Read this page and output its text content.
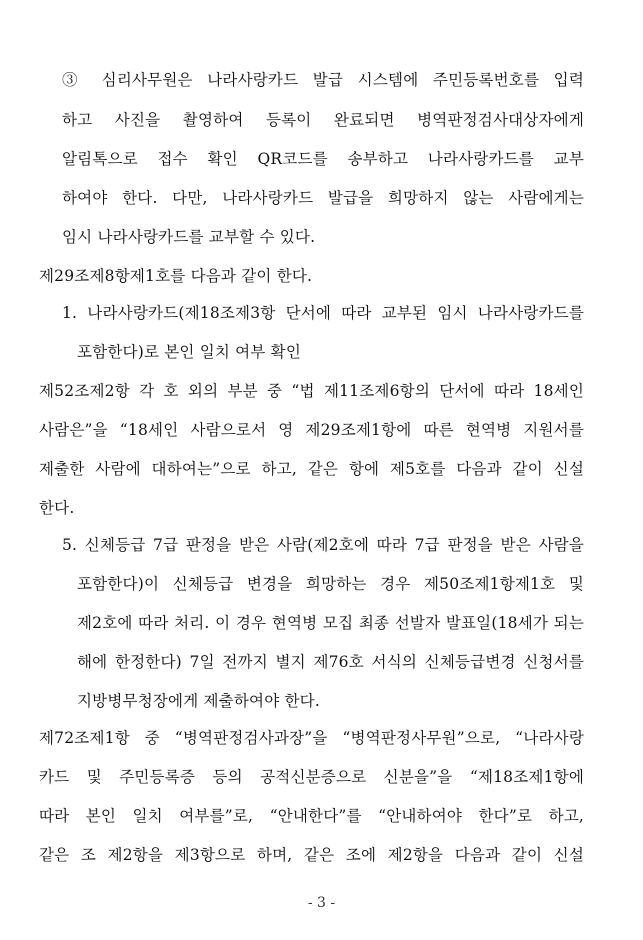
③ 심리사무원은 나라사랑카드 발급 시스템에 주민등록번호를 입력
하고 사진을 촬영하여 등록이 완료되면 병역판정검사대상자에게
알림톡으로 접수 확인 QR코드를 송부하고 나라사랑카드를 교부
하여야 한다. 다만, 나라사랑카드 발급을 희망하지 않는 사람에게는
임시 나라사랑카드를 교부할 수 있다.
제29조제8항제1호를 다음과 같이 한다.
1. 나라사랑카드(제18조제3항 단서에 따라 교부된 임시 나라사랑카드를
포함한다)로 본인 일치 여부 확인
제52조제2항 각 호 외의 부분 중 “법 제11조제6항의 단서에 따라 18세인
사람은”을 “18세인 사람으로서 영 제29조제1항에 따른 현역병 지원서를
제출한 사람에 대하여는”으로 하고, 같은 항에 제5호를 다음과 같이 신설
한다.
5. 신체등급 7급 판정을 받은 사람(제2호에 따라 7급 판정을 받은 사람을
포함한다)이 신체등급 변경을 희망하는 경우 제50조제1항제1호 및
제2호에 따라 처리. 이 경우 현역병 모집 최종 선발자 발표일(18세가 되는
해에 한정한다) 7일 전까지 별지 제76호 서식의 신체등급변경 신청서를
지방병무청장에게 제출하여야 한다.
제72조제1항 중 “병역판정검사과장”을 “병역판정사무원”으로, “나라사랑
카드 및 주민등록증 등의 공적신분증으로 신분을”을 “제18조제1항에
따라 본인 일치 여부를”로, “안내한다”를 “안내하여야 한다”로 하고,
같은 조 제2항을 제3항으로 하며, 같은 조에 제2항을 다음과 같이 신설
- 3 -
